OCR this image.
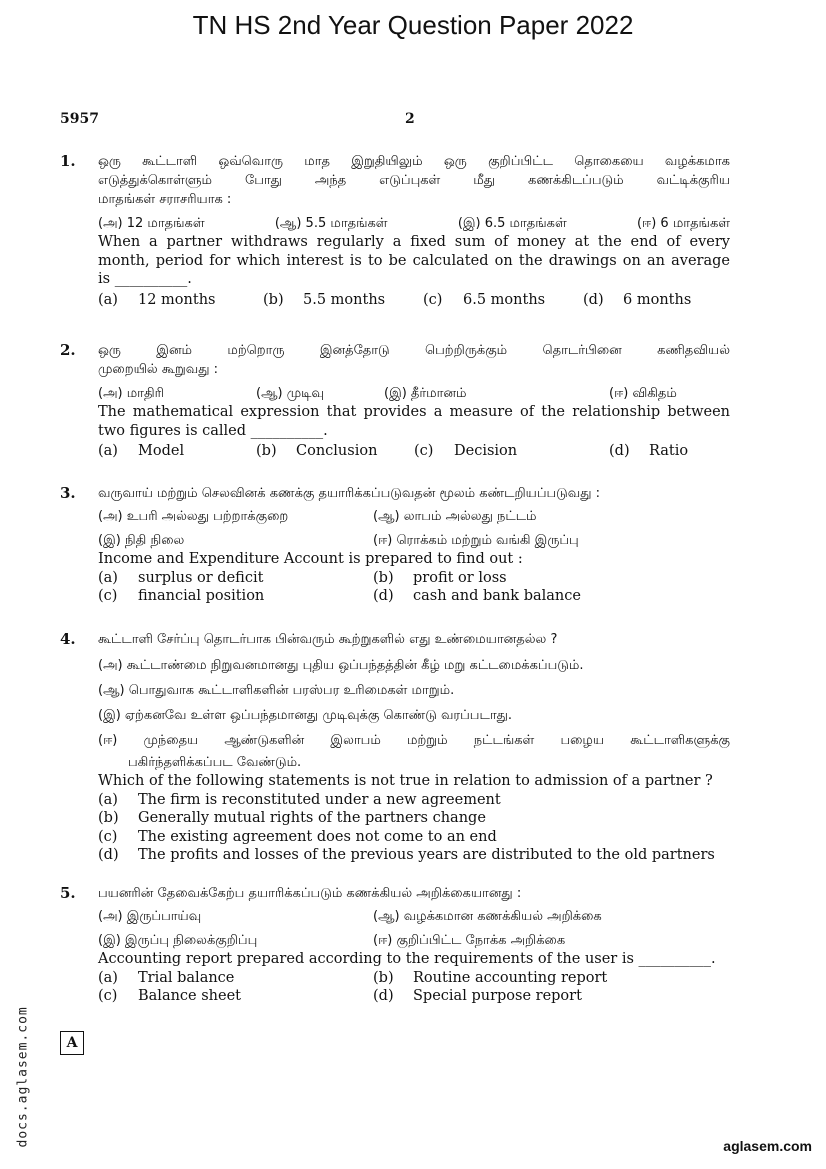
TN HS 2nd Year Question Paper 2022
5957	2
1. ஒரு கூட்டாளி ஒவ்வொரு மாத இறுதியிலும் ஒரு குறிப்பிட்ட தொகையை வழக்கமாக
எடுத்துக்கொள்ளும் போது அந்த எடுப்புகள் மீது கணக்கிடப்படும் வட்டிக்குரிய
மாதங்கள் சராசரியாக :
(அ) 12 மாதங்கள்	(ஆ) 5.5 மாதங்கள்	(இ) 6.5 மாதங்கள்	(ஈ) 6 மாதங்கள்
When a partner withdraws regularly a fixed sum of money at the end of every
month, period for which interest is to be calculated on the drawings on an average
is __________.
(a)	12 months	(b)	5.5 months	(c)	6.5 months	(d)	6 months
2. ஒரு இனம் மற்றொரு இனத்தோடு பெற்றிருக்கும் தொடர்பினை கணிதவியல்
முறையில் கூறுவது :
(அ) மாதிரி	(ஆ) முடிவு	(இ) தீர்மானம்	(ஈ) விகிதம்
The mathematical expression that provides a measure of the relationship between
two figures is called __________.
(a)	Model	(b)	Conclusion	(c)	Decision	(d)	Ratio
3. வருவாய் மற்றும் செலவினக் கணக்கு தயாரிக்கப்படுவதன் மூலம் கண்டறியப்படுவது :
(அ) உபரி அல்லது பற்றாக்குறை	(ஆ) லாபம் அல்லது நட்டம்
(இ) நிதி நிலை	(ஈ) ரொக்கம் மற்றும் வங்கி இருப்பு
Income and Expenditure Account is prepared to find out :
(a) surplus or deficit	(b) profit or loss
(c) financial position	(d) cash and bank balance
4. கூட்டாளி சேர்ப்பு தொடர்பாக பின்வரும் கூற்றுகளில் எது உண்மையானதல்ல ?
(அ) கூட்டாண்மை நிறுவனமானது புதிய ஒப்பந்தத்தின் கீழ் மறு கட்டமைக்கப்படும்.
(ஆ) பொதுவாக கூட்டாளிகளின் பரஸ்பர உரிமைகள் மாறும்.
(இ) ஏற்கனவே உள்ள ஒப்பந்தமானது முடிவுக்கு கொண்டு வரப்படாது.
(ஈ) முந்தைய ஆண்டுகளின் இலாபம் மற்றும் நட்டங்கள் பழைய கூட்டாளிகளுக்கு
பகிர்ந்தளிக்கப்பட வேண்டும்.
Which of the following statements is not true in relation to admission of a partner ?
(a) The firm is reconstituted under a new agreement
(b) Generally mutual rights of the partners change
(c) The existing agreement does not come to an end
(d) The profits and losses of the previous years are distributed to the old partners
5. பயனரின் தேவைக்கேற்ப தயாரிக்கப்படும் கணக்கியல் அறிக்கையானது :
(அ) இருப்பாய்வு	(ஆ) வழக்கமான கணக்கியல் அறிக்கை
(இ) இருப்பு நிலைக்குறிப்பு	(ஈ) குறிப்பிட்ட நோக்க அறிக்கை
Accounting report prepared according to the requirements of the user is __________.
(a) Trial balance	(b) Routine accounting report
(c) Balance sheet	(d) Special purpose report
A
docs.aglasem.com	aglasem.com
